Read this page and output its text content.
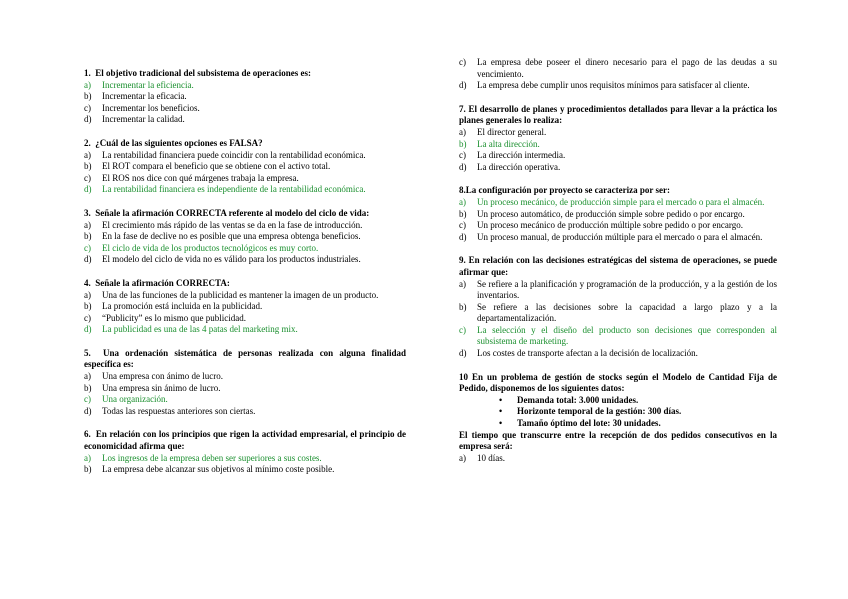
1. El objetivo tradicional del subsistema de operaciones es:

a)	Incrementar la eficiencia.
b)	Incrementar la eficacia.
c)	Incrementar los beneficios.
d)	Incrementar la calidad.

2. ¿Cuál de las siguientes opciones es FALSA?

a)	La rentabilidad financiera puede coincidir con la rentabilidad económica.
b)	El ROT compara el beneficio que se obtiene con el activo total.
c)	El ROS nos dice con qué márgenes trabaja la empresa.
d)	La rentabilidad financiera es independiente de la rentabilidad económica.

3. Señale la afirmación CORRECTA referente al modelo del ciclo de vida:

a)	El crecimiento más rápido de las ventas se da en la fase de introducción.
b)	En la fase de declive no es posible que una empresa obtenga beneficios.
c)	El ciclo de vida de los productos tecnológicos es muy corto.
d)	El modelo del ciclo de vida no es válido para los productos industriales.

4. Señale la afirmación CORRECTA:

a)	Una de las funciones de la publicidad es mantener la imagen de un producto.
b)	La promoción está incluida en la publicidad.
c)	“Publicity” es lo mismo que publicidad.
d)	La publicidad es una de las 4 patas del marketing mix.

5. Una ordenación sistemática de personas realizada con alguna finalidad específica es:

a)	Una empresa con ánimo de lucro.
b)	Una empresa sin ánimo de lucro.
c)	Una organización.
d)	Todas las respuestas anteriores son ciertas.

6. En relación con los principios que rigen la actividad empresarial, el principio de economicidad afirma que:

a)	Los ingresos de la empresa deben ser superiores a sus costes.
b)	La empresa debe alcanzar sus objetivos al mínimo coste posible.
c)	La empresa debe poseer el dinero necesario para el pago de las deudas a su vencimiento.
d)	La empresa debe cumplir unos requisitos mínimos para satisfacer al cliente.

7. El desarrollo de planes y procedimientos detallados para llevar a la práctica los planes generales lo realiza:

a)	El director general.
b)	La alta dirección.
c)	La dirección intermedia.
d)	La dirección operativa.

8.La configuración por proyecto se caracteriza por ser:

a)	Un proceso mecánico, de producción simple para el mercado o para el almacén.
b)	Un proceso automático, de producción simple sobre pedido o por encargo.
c)	Un proceso mecánico de producción múltiple sobre pedido o por encargo.
d)	Un proceso manual, de producción múltiple para el mercado o para el almacén.

9. En relación con las decisiones estratégicas del sistema de operaciones, se puede afirmar que:

a)	Se refiere a la planificación y programación de la producción, y a la gestión de los inventarios.
b)	Se refiere a las decisiones sobre la capacidad a largo plazo y a la departamentalización.
c)	La selección y el diseño del producto son decisiones que corresponden al subsistema de marketing.
d)	Los costes de transporte afectan a la decisión de localización.

10 En un problema de gestión de stocks según el Modelo de Cantidad Fija de Pedido, disponemos de los siguientes datos:

•	Demanda total: 3.000 unidades.
•	Horizonte temporal de la gestión: 300 días.
•	Tamaño óptimo del lote: 30 unidades.

El tiempo que transcurre entre la recepción de dos pedidos consecutivos en la empresa será:

a)	10 días.
